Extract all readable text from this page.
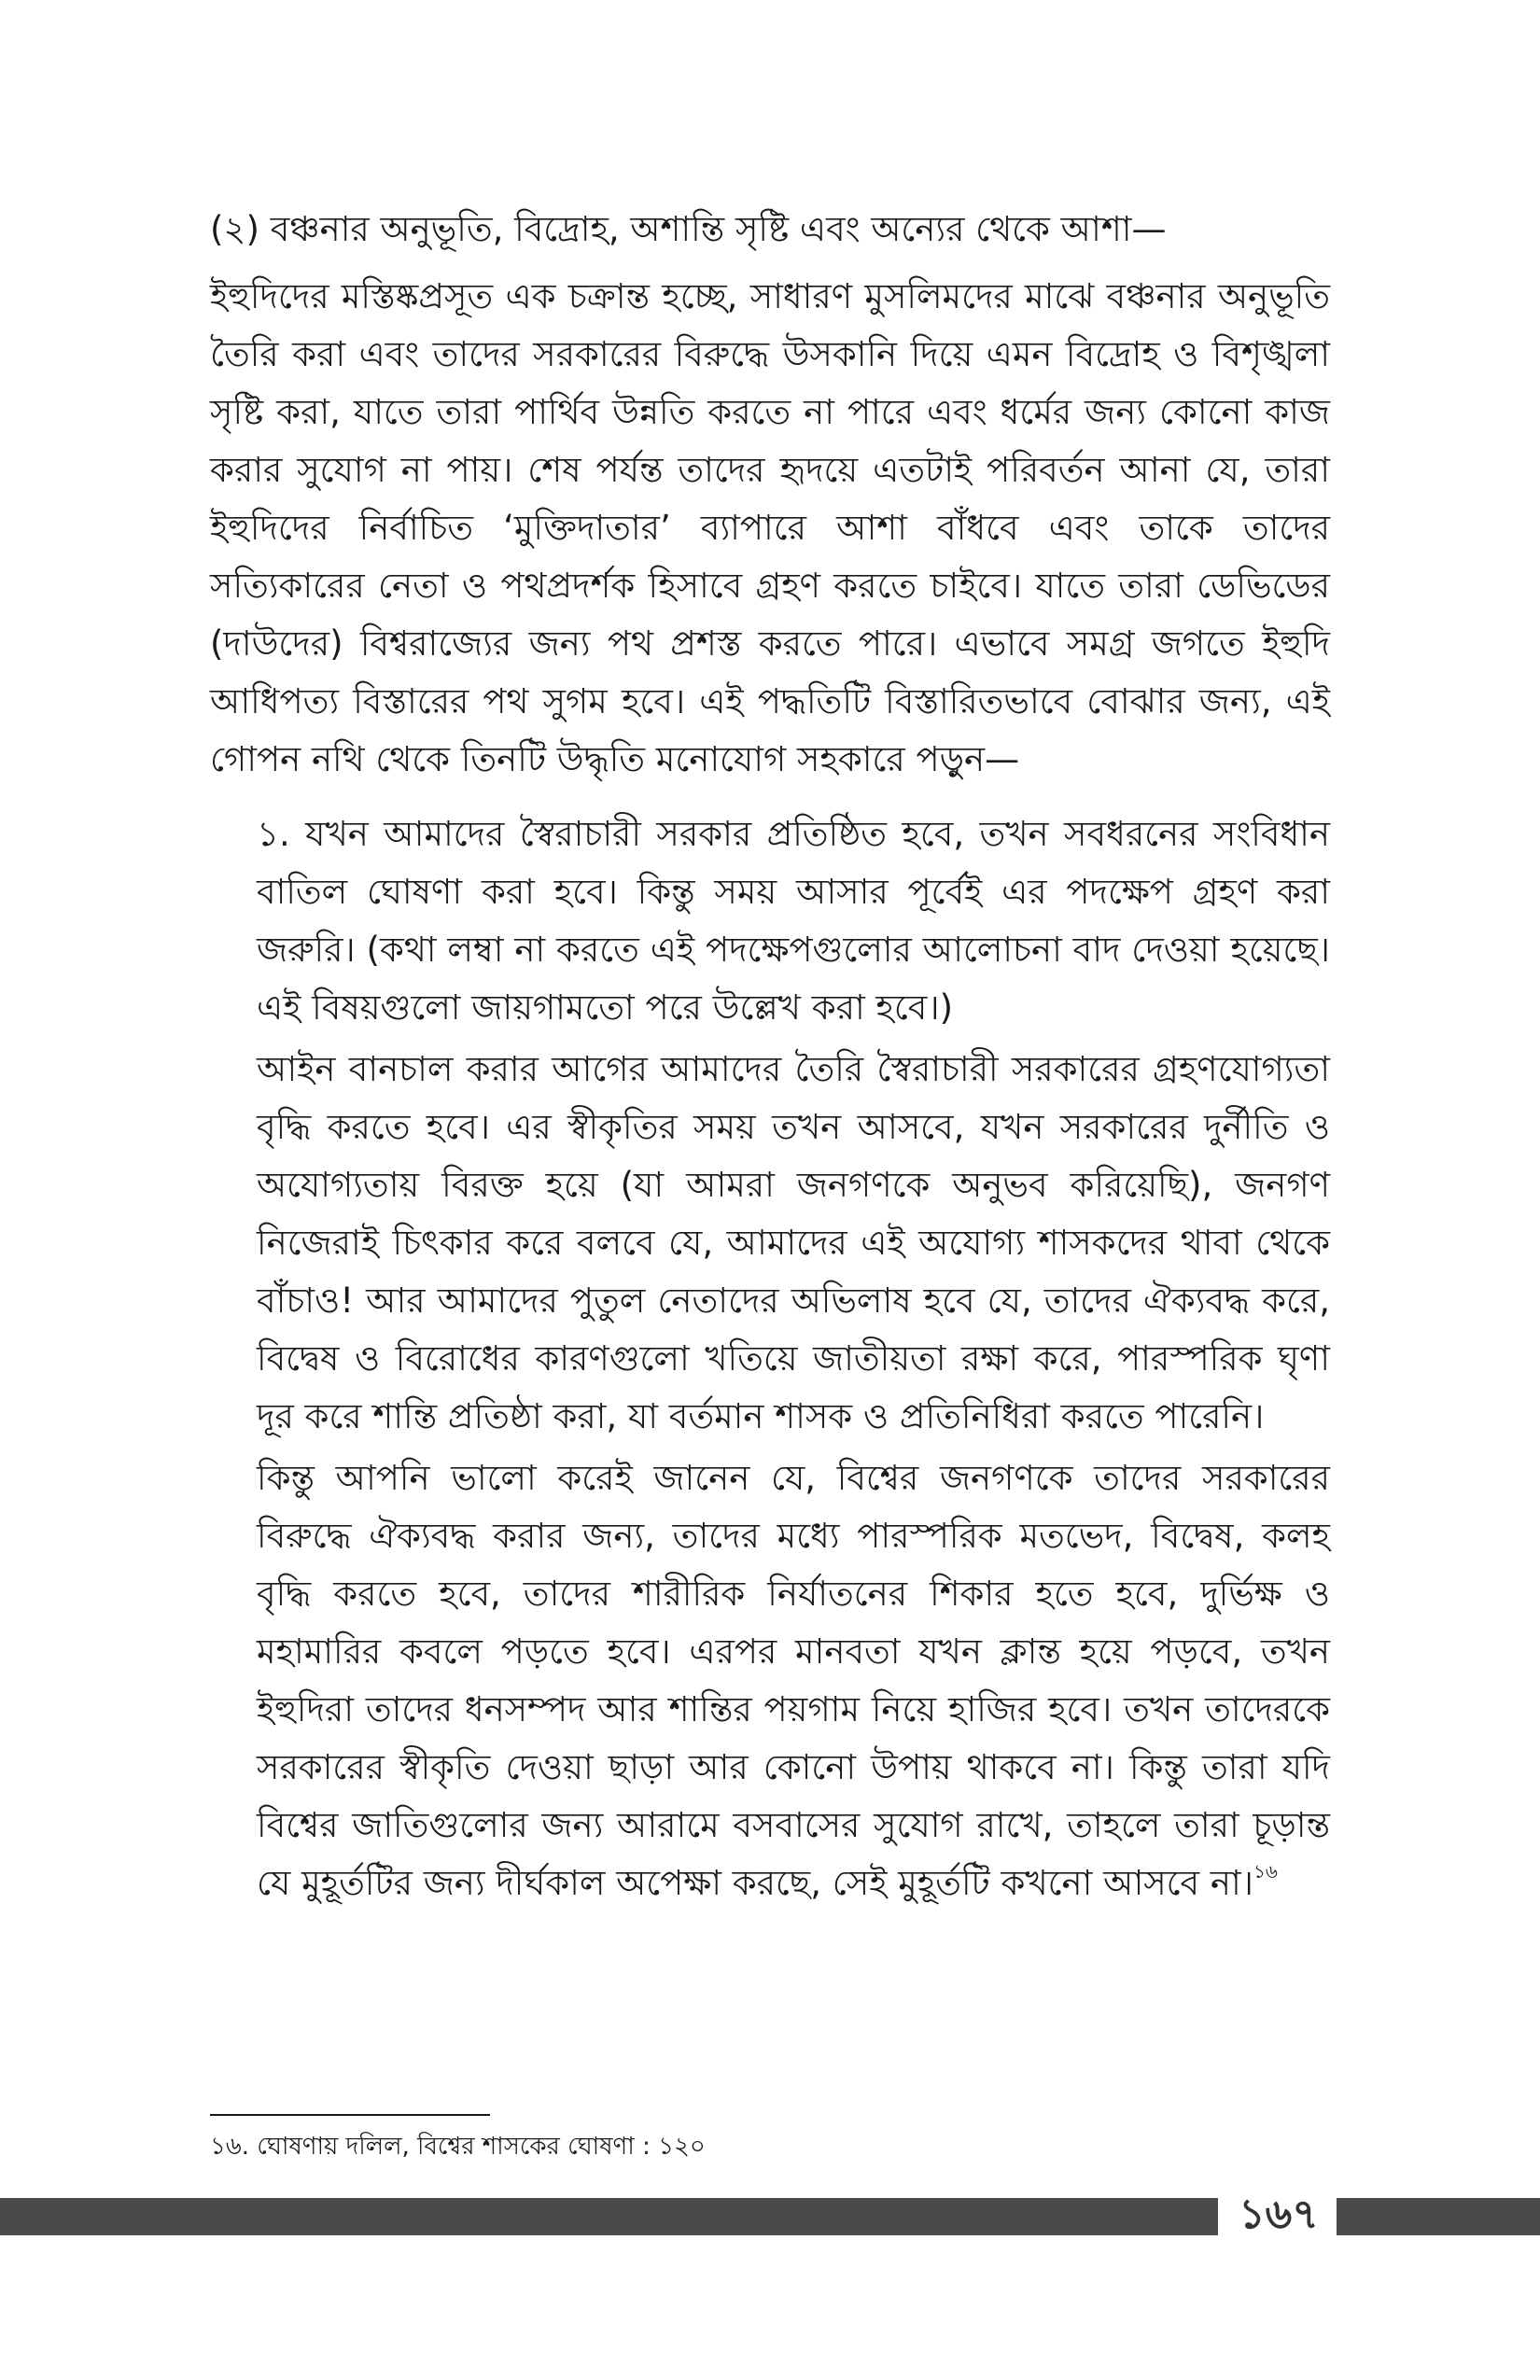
(২) বঞ্চনার অনুভূতি, বিদ্রোহ, অশান্তি সৃষ্টি এবং অন্যের থেকে আশা—

ইহুদিদের মস্তিষ্কপ্রসূত এক চক্রান্ত হচ্ছে, সাধারণ মুসলিমদের মাঝে বঞ্চনার অনুভূতি তৈরি করা এবং তাদের সরকারের বিরুদ্ধে উসকানি দিয়ে এমন বিদ্রোহ ও বিশৃঙ্খলা সৃষ্টি করা, যাতে তারা পার্থিব উন্নতি করতে না পারে এবং ধর্মের জন্য কোনো কাজ করার সুযোগ না পায়। শেষ পর্যন্ত তাদের হৃদয়ে এতটাই পরিবর্তন আনা যে, তারা ইহুদিদের নির্বাচিত ‘মুক্তিদাতার’ ব্যাপারে আশা বাঁধবে এবং তাকে তাদের সত্যিকারের নেতা ও পথপ্রদর্শক হিসাবে গ্রহণ করতে চাইবে। যাতে তারা ডেভিডের (দাউদের) বিশ্বরাজ্যের জন্য পথ প্রশস্ত করতে পারে। এভাবে সমগ্র জগতে ইহুদি আধিপত্য বিস্তারের পথ সুগম হবে। এই পদ্ধতিটি বিস্তারিতভাবে বোঝার জন্য, এই গোপন নথি থেকে তিনটি উদ্ধৃতি মনোযোগ সহকারে পড়ুন—

১. যখন আমাদের স্বৈরাচারী সরকার প্রতিষ্ঠিত হবে, তখন সবধরনের সংবিধান বাতিল ঘোষণা করা হবে। কিন্তু সময় আসার পূর্বেই এর পদক্ষেপ গ্রহণ করা জরুরি। (কথা লম্বা না করতে এই পদক্ষেপগুলোর আলোচনা বাদ দেওয়া হয়েছে। এই বিষয়গুলো জায়গামতো পরে উল্লেখ করা হবে।)

আইন বানচাল করার আগের আমাদের তৈরি স্বৈরাচারী সরকারের গ্রহণযোগ্যতা বৃদ্ধি করতে হবে। এর স্বীকৃতির সময় তখন আসবে, যখন সরকারের দুর্নীতি ও অযোগ্যতায় বিরক্ত হয়ে (যা আমরা জনগণকে অনুভব করিয়েছি), জনগণ নিজেরাই চিৎকার করে বলবে যে, আমাদের এই অযোগ্য শাসকদের থাবা থেকে বাঁচাও! আর আমাদের পুতুল নেতাদের অভিলাষ হবে যে, তাদের ঐক্যবদ্ধ করে, বিদ্বেষ ও বিরোধের কারণগুলো খতিয়ে জাতীয়তা রক্ষা করে, পারস্পরিক ঘৃণা দূর করে শান্তি প্রতিষ্ঠা করা, যা বর্তমান শাসক ও প্রতিনিধিরা করতে পারেনি।

কিন্তু আপনি ভালো করেই জানেন যে, বিশ্বের জনগণকে তাদের সরকারের বিরুদ্ধে ঐক্যবদ্ধ করার জন্য, তাদের মধ্যে পারস্পরিক মতভেদ, বিদ্বেষ, কলহ বৃদ্ধি করতে হবে, তাদের শারীরিক নির্যাতনের শিকার হতে হবে, দুর্ভিক্ষ ও মহামারির কবলে পড়তে হবে। এরপর মানবতা যখন ক্লান্ত হয়ে পড়বে, তখন ইহুদিরা তাদের ধনসম্পদ আর শান্তির পয়গাম নিয়ে হাজির হবে। তখন তাদেরকে সরকারের স্বীকৃতি দেওয়া ছাড়া আর কোনো উপায় থাকবে না। কিন্তু তারা যদি বিশ্বের জাতিগুলোর জন্য আরামে বসবাসের সুযোগ রাখে, তাহলে তারা চূড়ান্ত যে মুহূর্তটির জন্য দীর্ঘকাল অপেক্ষা করছে, সেই মুহূর্তটি কখনো আসবে না।$^{১৬}$

১৬. ঘোষণায় দলিল, বিশ্বের শাসকের ঘোষণা : ১২০
১৬৭
